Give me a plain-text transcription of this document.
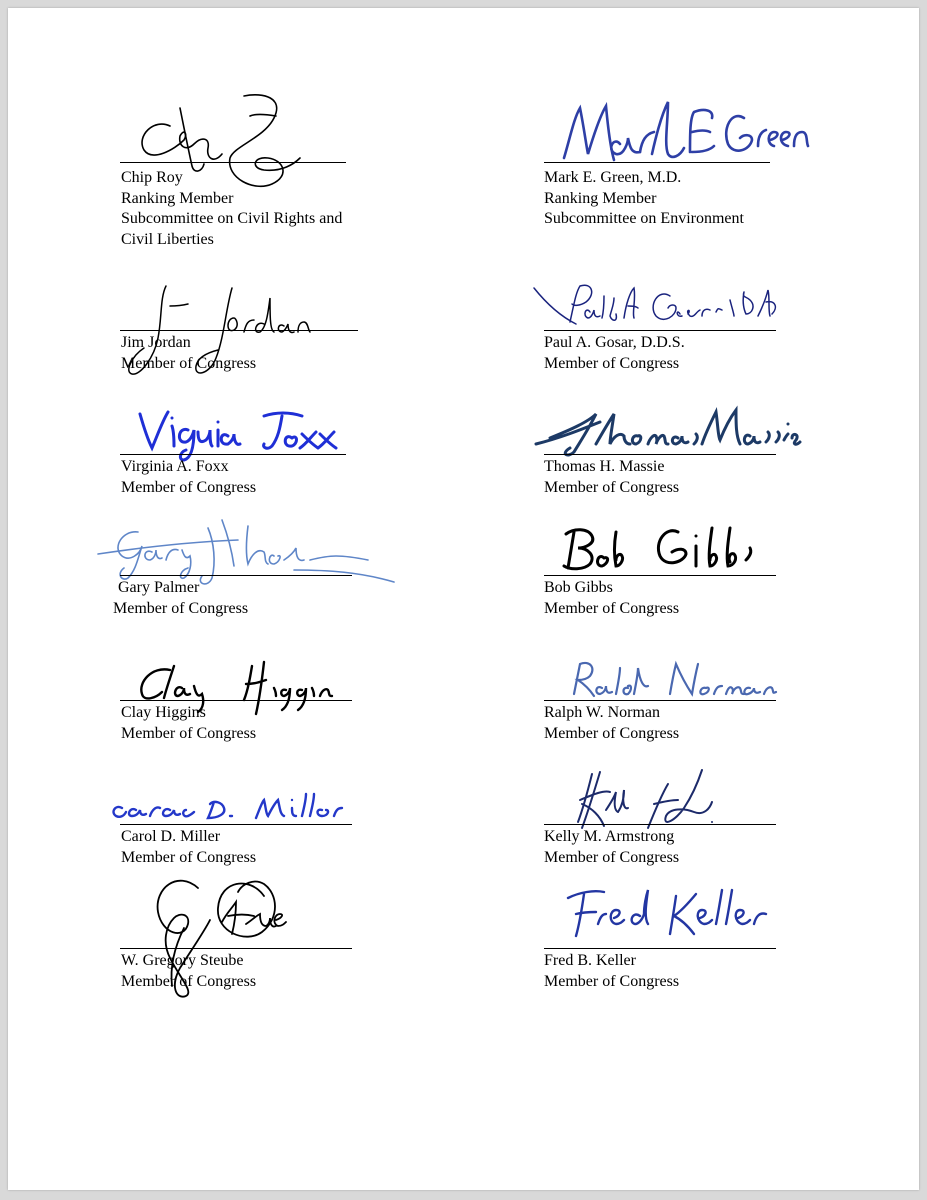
Chip Roy
Chip Roy
Ranking Member
Subcommittee on Civil Rights and
Civil Liberties
Mark E Green
Mark E. Green, M.D.
Ranking Member
Subcommittee on Environment
Jim Jordan
Jim Jordan
Member of Congress
Paul A Gosar, DDS
Paul A. Gosar, D.D.S.
Member of Congress
Virginia Foxx
Virginia A. Foxx
Member of Congress
Thomas Massie
Thomas H. Massie
Member of Congress
Gary Palmer
Gary Palmer
Member of Congress
Bob Gibbs
Bob Gibbs
Member of Congress
Clay Higgins
Clay Higgins
Member of Congress
Ralph Norman
Ralph W. Norman
Member of Congress
carol D. Miller
Carol D. Miller
Member of Congress
Kelly Armstrong
Kelly M. Armstrong
Member of Congress
Greg Steube
W. Gregory Steube
Member of Congress
Fred Keller
Fred B. Keller
Member of Congress
